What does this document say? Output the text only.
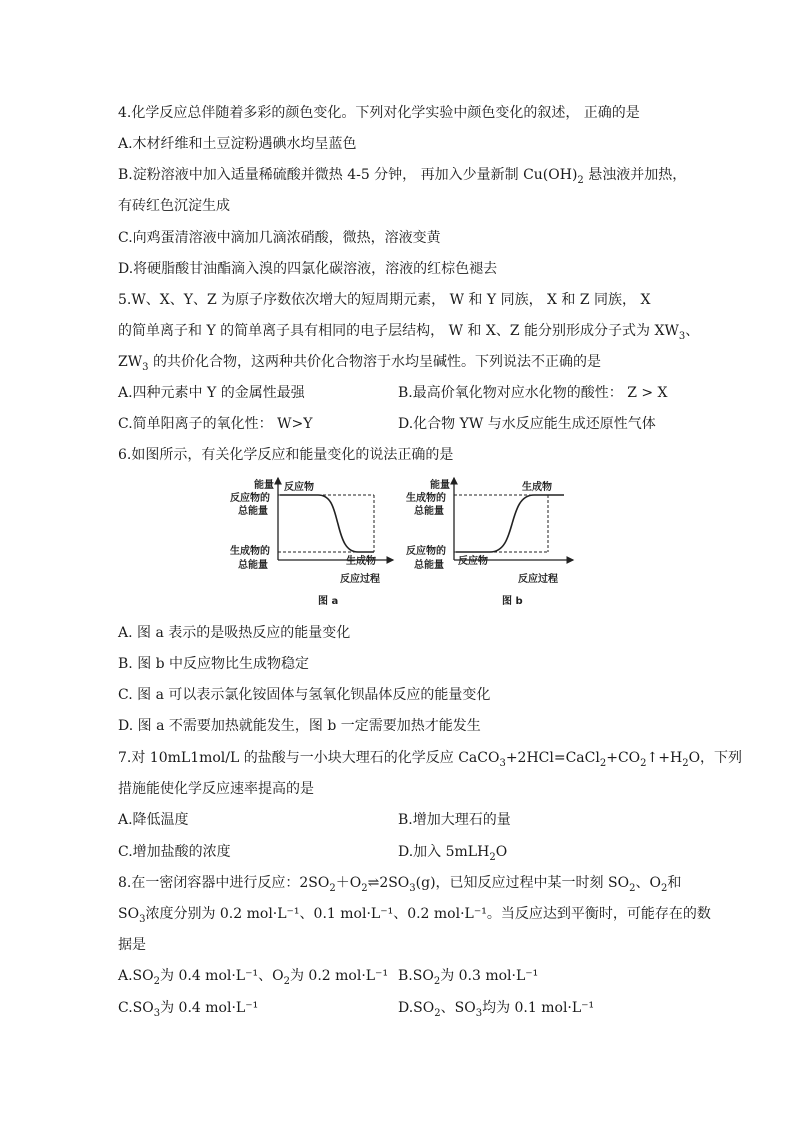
4.化学反应总伴随着多彩的颜色变化。下列对化学实验中颜色变化的叙述， 正确的是
A.木材纤维和土豆淀粉遇碘水均呈蓝色
B.淀粉溶液中加入适量稀硫酸并微热 4-5 分钟， 再加入少量新制 $Cu(OH)_2$ 悬浊液并加热，
有砖红色沉淀生成
C.向鸡蛋清溶液中滴加几滴浓硝酸，微热，溶液变黄
D.将硬脂酸甘油酯滴入溴的四氯化碳溶液，溶液的红棕色褪去
5.W、X、Y、Z 为原子序数依次增大的短周期元素， W 和 Y 同族， X 和 Z 同族， X
的简单离子和 Y 的简单离子具有相同的电子层结构， W 和 X、Z 能分别形成分子式为 $XW_3$、
$ZW_3$ 的共价化合物，这两种共价化合物溶于水均呈碱性。下列说法不正确的是
A.四种元素中 Y 的金属性最强	B.最高价氧化物对应水化物的酸性： Z > X
C.简单阳离子的氧化性： W>Y	D.化合物 YW 与水反应能生成还原性气体
6.如图所示，有关化学反应和能量变化的说法正确的是
能量
反应物的
总能量
反应物
生成物的
总能量	生成物
反应过程
图 a
能量
生成物的
总能量
生成物
反应物的
总能量 反应物
反应过程
图 b
A. 图 a 表示的是吸热反应的能量变化
B. 图 b 中反应物比生成物稳定
C. 图 a 可以表示氯化铵固体与氢氧化钡晶体反应的能量变化
D. 图 a 不需要加热就能发生，图 b 一定需要加热才能发生
7.对 10mL1mol/L 的盐酸与一小块大理石的化学反应 $CaCO_3+2HCl=CaCl_2+CO_2↑+H_2O$，下列
措施能使化学反应速率提高的是
A.降低温度	B.增加大理石的量
C.增加盐酸的浓度	D.加入 5mLH$_2$O
8.在一密闭容器中进行反应：$2SO_2+O_2\rightleftharpoons 2SO_3(g)$，已知反应过程中某一时刻 $SO_2$、$O_2$和
$SO_3$浓度分别为 0.2 mol·L⁻¹、0.1 mol·L⁻¹、0.2 mol·L⁻¹。当反应达到平衡时，可能存在的数
据是
$A.SO_2$为 0.4 mol·L⁻¹、$O_2$为 0.2 mol·L⁻¹ $B.SO_2$为 0.3 mol·L⁻¹
$C.SO_3$为 0.4 mol·L⁻¹	$D.SO_2$、$SO_3$均为 0.1 mol·L⁻¹
